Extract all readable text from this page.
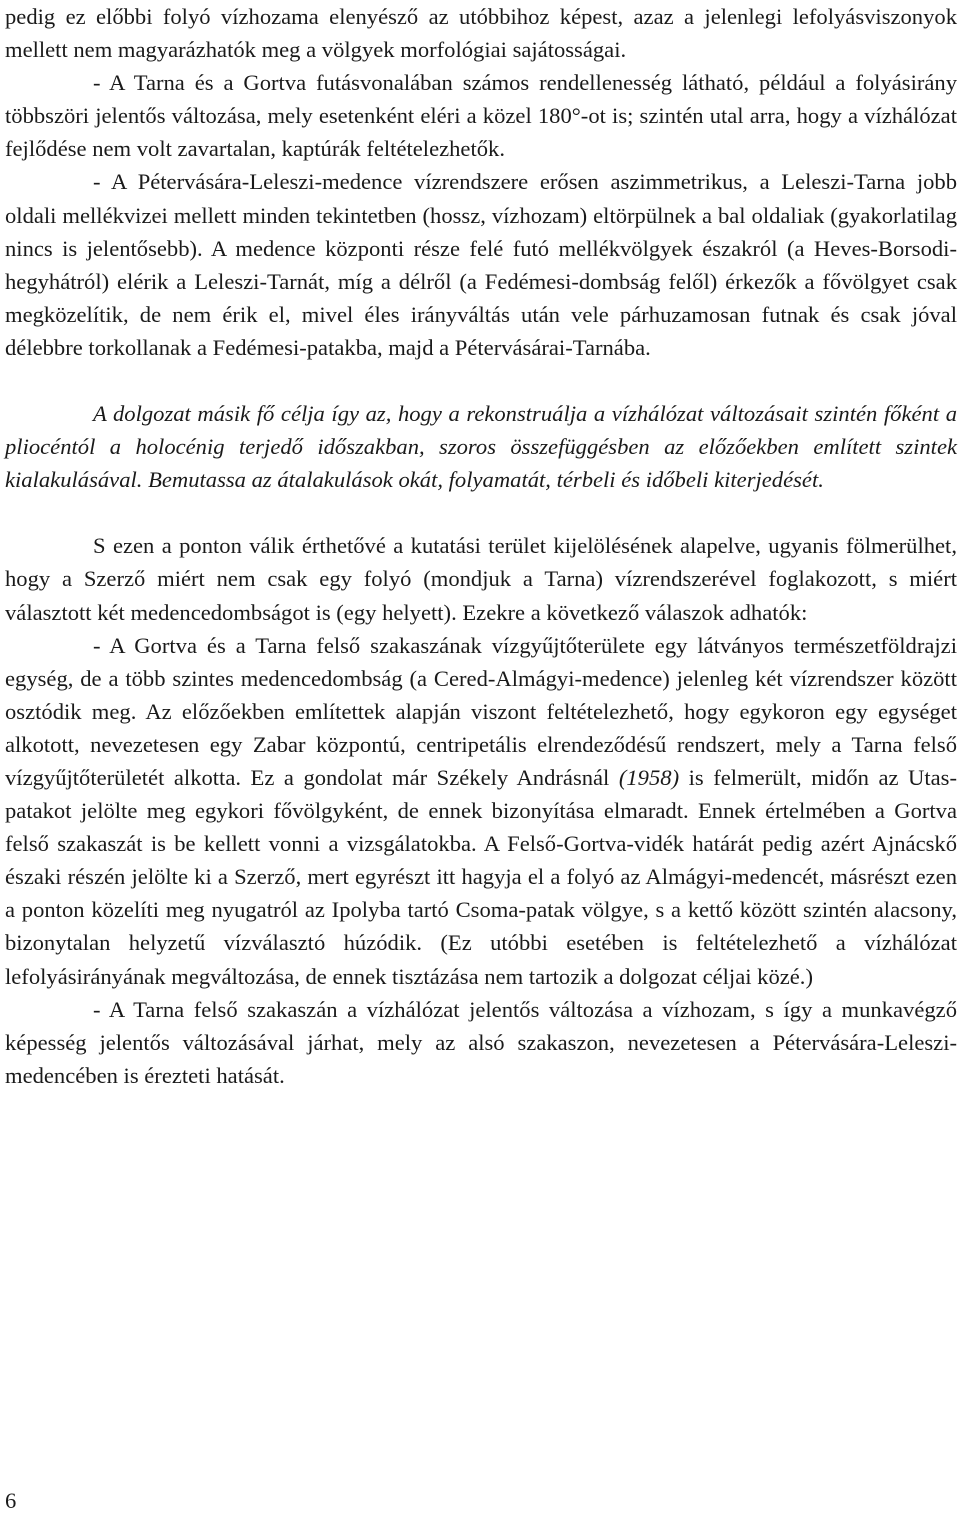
pedig ez előbbi folyó vízhozama elenyésző az utóbbihoz képest, azaz a jelenlegi lefolyásviszonyok mellett nem magyarázhatók meg a völgyek morfológiai sajátosságai.

- A Tarna és a Gortva futásvonalában számos rendellenesség látható, például a folyásirány többszöri jelentős változása, mely esetenként eléri a közel 180°-ot is; szintén utal arra, hogy a vízhálózat fejlődése nem volt zavartalan, kaptúrák feltételezhetők.

- A Pétervására-Leleszi-medence vízrendszere erősen aszimmetrikus, a Leleszi-Tarna jobb oldali mellékvizei mellett minden tekintetben (hossz, vízhozam) eltörpülnek a bal oldaliak (gyakorlatilag nincs is jelentősebb). A medence központi része felé futó mellékvölgyek északról (a Heves-Borsodi-hegyhátról) elérik a Leleszi-Tarnát, míg a délről (a Fedémesi-dombság felől) érkezők a fővölgyet csak megközelítik, de nem érik el, mivel éles irányváltás után vele párhuzamosan futnak és csak jóval délebbre torkollanak a Fedémesi-patakba, majd a Pétervásárai-Tarnába.

A dolgozat másik fő célja így az, hogy a rekonstruálja a vízhálózat változásait szintén főként a pliocéntól a holocénig terjedő időszakban, szoros összefüggésben az előzőekben említett szintek kialakulásával. Bemutassa az átalakulások okát, folyamatát, térbeli és időbeli kiterjedését.

S ezen a ponton válik érthetővé a kutatási terület kijelölésének alapelve, ugyanis fölmerülhet, hogy a Szerző miért nem csak egy folyó (mondjuk a Tarna) vízrendszerével foglakozott, s miért választott két medencedombságot is (egy helyett). Ezekre a következő válaszok adhatók:

- A Gortva és a Tarna felső szakaszának vízgyűjtőterülete egy látványos természetföldrajzi egység, de a több szintes medencedombság (a Cered-Almágyi-medence) jelenleg két vízrendszer között osztódik meg. Az előzőekben említettek alapján viszont feltételezhető, hogy egykoron egy egységet alkotott, nevezetesen egy Zabar központú, centripetális elrendeződésű rendszert, mely a Tarna felső vízgyűjtőterületét alkotta. Ez a gondolat már Székely Andrásnál (1958) is felmerült, midőn az Utas-patakot jelölte meg egykori fővölgyként, de ennek bizonyítása elmaradt. Ennek értelmében a Gortva felső szakaszát is be kellett vonni a vizsgálatokba. A Felső-Gortva-vidék határát pedig azért Ajnácskő északi részén jelölte ki a Szerző, mert egyrészt itt hagyja el a folyó az Almágyi-medencét, másrészt ezen a ponton közelíti meg nyugatról az Ipolyba tartó Csoma-patak völgye, s a kettő között szintén alacsony, bizonytalan helyzetű vízválasztó húzódik. (Ez utóbbi esetében is feltételezhető a vízhálózat lefolyásirányának megváltozása, de ennek tisztázása nem tartozik a dolgozat céljai közé.)

- A Tarna felső szakaszán a vízhálózat jelentős változása a vízhozam, s így a munkavégző képesség jelentős változásával járhat, mely az alsó szakaszon, nevezetesen a Pétervására-Leleszi-medencében is érezteti hatását.

6
